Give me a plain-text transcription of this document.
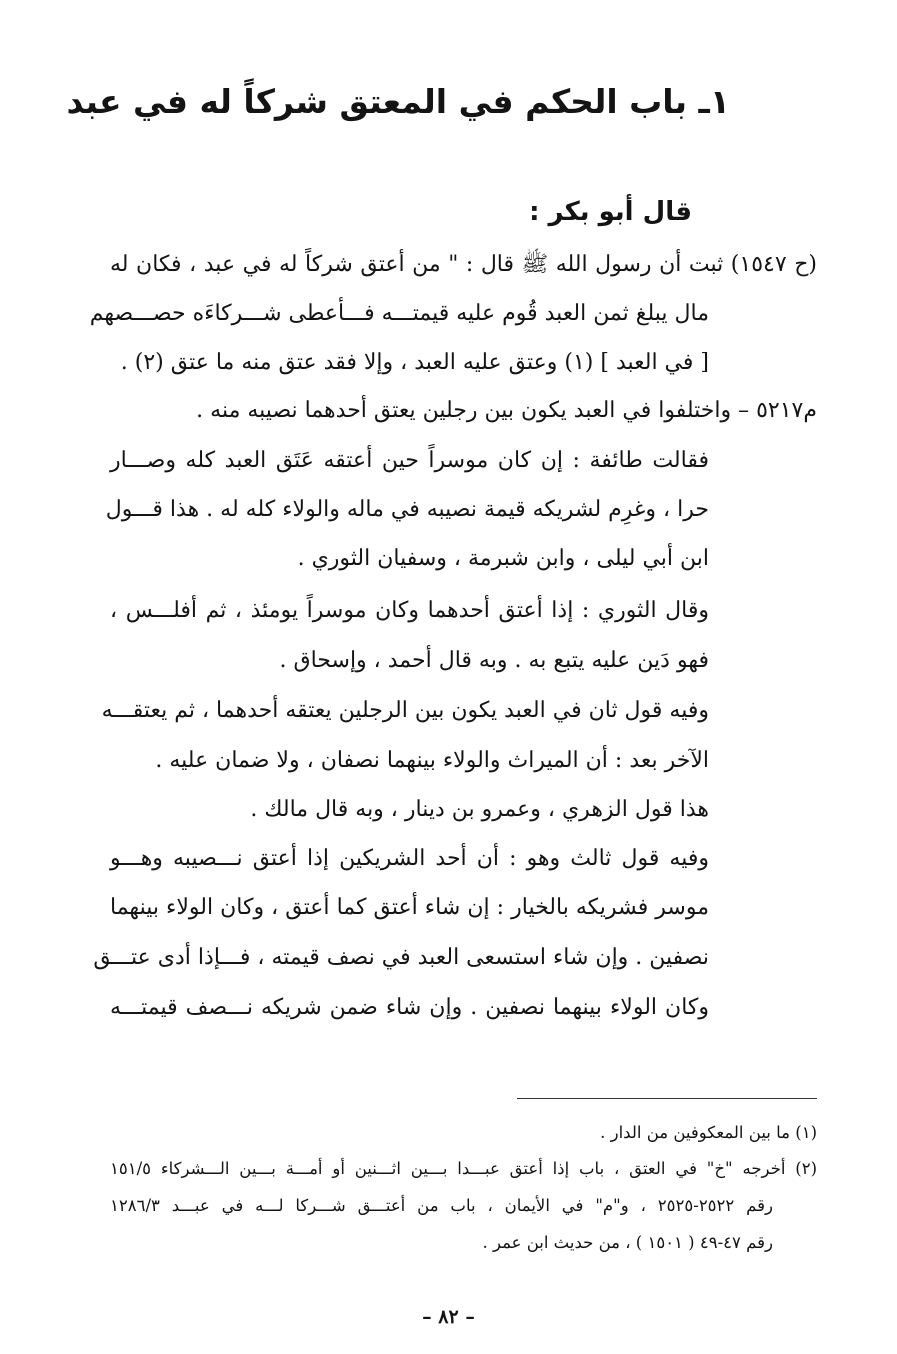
١ـ باب الحكم في المعتق شركاً له في عبد
قال أبو بكر :
(ح ١٥٤٧) ثبت أن رسول الله ﷺ قال : " من أعتق شركاً له في عبد ، فكان له
مال يبلغ ثمن العبد قُوم عليه قيمتـــه فـــأعطى شـــركاءَه حصـــصهم
[ في العبد ] (١) وعتق عليه العبد ، وإلا فقد عتق منه ما عتق (٢) .
م٥٢١٧ – واختلفوا في العبد يكون بين رجلين يعتق أحدهما نصيبه منه .
فقالت طائفة : إن كان موسراً حين أعتقه عَتَق العبد كله وصـــار
حرا ، وغرِم لشريكه قيمة نصيبه في ماله والولاء كله له . هذا قـــول
ابن أبي ليلى ، وابن شبرمة ، وسفيان الثوري .
وقال الثوري : إذا أعتق أحدهما وكان موسراً يومئذ ، ثم أفلـــس ،
فهو دَين عليه يتبع به . وبه قال أحمد ، وإسحاق .
وفيه قول ثان في العبد يكون بين الرجلين يعتقه أحدهما ، ثم يعتقـــه
الآخر بعد : أن الميراث والولاء بينهما نصفان ، ولا ضمان عليه .
هذا قول الزهري ، وعمرو بن دينار ، وبه قال مالك .
وفيه قول ثالث وهو : أن أحد الشريكين إذا أعتق نـــصيبه وهـــو
موسر فشريكه بالخيار : إن شاء أعتق كما أعتق ، وكان الولاء بينهما
نصفين . وإن شاء استسعى العبد في نصف قيمته ، فـــإذا أدى عتـــق
وكان الولاء بينهما نصفين . وإن شاء ضمن شريكه نـــصف قيمتـــه
(١) ما بين المعكوفين من الدار .
(٢) أخرجه "خ" في العتق ، باب إذا أعتق عبـــدا بـــين اثـــنين أو أمـــة بـــين الـــشركاء ١٥١/٥
رقم ٢٥٢٢-٢٥٢٥ ، و"م" في الأيمان ، باب من أعتـــق شـــركا لـــه في عبـــد ١٢٨٦/٣
رقم ٤٧-٤٩ ( ١٥٠١ ) ، من حديث ابن عمر .
– ٨٢ –
